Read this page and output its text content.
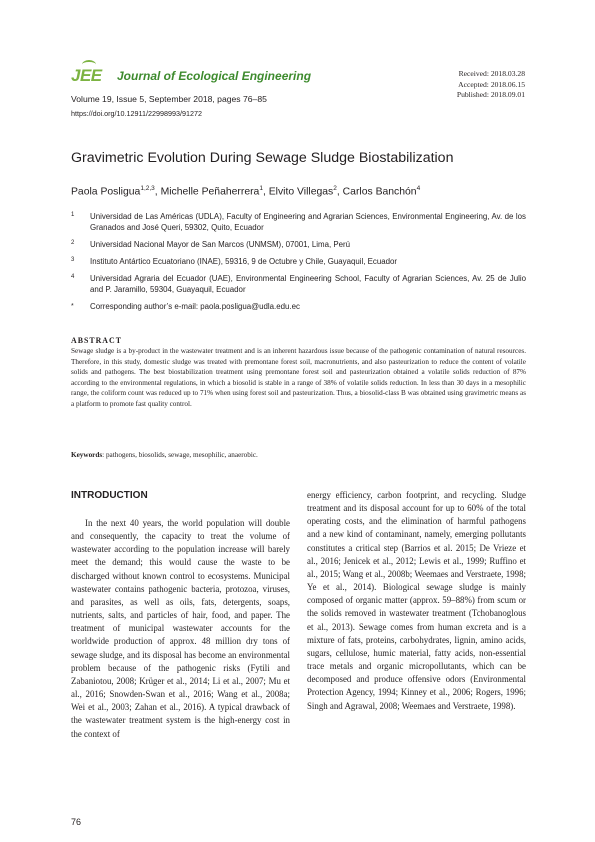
JEE Journal of Ecological Engineering
Volume 19, Issue 5, September 2018, pages 76–85
https://doi.org/10.12911/22998993/91272
Received: 2018.03.28
Accepted: 2018.06.15
Published: 2018.09.01
Gravimetric Evolution During Sewage Sludge Biostabilization
Paola Posligua$^{1,2,3}$, Michelle Peñaherrera$^1$, Elvito Villegas$^2$, Carlos Banchón$^4$
1 Universidad de Las Américas (UDLA), Faculty of Engineering and Agrarian Sciences, Environmental Engineering, Av. de los Granados and José Queri, 59302, Quito, Ecuador
2 Universidad Nacional Mayor de San Marcos (UNMSM), 07001, Lima, Perú
3 Instituto Antártico Ecuatoriano (INAE), 59316, 9 de Octubre y Chile, Guayaquil, Ecuador
4 Universidad Agraria del Ecuador (UAE), Environmental Engineering School, Faculty of Agrarian Sciences, Av. 25 de Julio and P. Jaramillo, 59304, Guayaquil, Ecuador
* Corresponding author’s e-mail: paola.posligua@udla.edu.ec
ABSTRACT
Sewage sludge is a by-product in the wastewater treatment and is an inherent hazardous issue because of the pathogenic contamination of natural resources. Therefore, in this study, domestic sludge was treated with premontane forest soil, macronutrients, and also pasteurization to reduce the content of volatile solids and pathogens. The best biostabilization treatment using premontane forest soil and pasteurization obtained a volatile solids reduction of 87% according to the environmental regulations, in which a biosolid is stable in a range of 38% of volatile solids reduction. In less than 30 days in a mesophilic range, the coliform count was reduced up to 71% when using forest soil and pasteurization. Thus, a biosolid-class B was obtained using gravimetric means as a platform to promote fast quality control.
Keywords: pathogens, biosolids, sewage, mesophilic, anaerobic.
INTRODUCTION
In the next 40 years, the world population will double and consequently, the capacity to treat the volume of wastewater according to the population increase will barely meet the demand; this would cause the waste to be discharged without known control to ecosystems. Municipal wastewater contains pathogenic bacteria, protozoa, viruses, and parasites, as well as oils, fats, detergents, soaps, nutrients, salts, and particles of hair, food, and paper. The treatment of municipal wastewater accounts for the worldwide production of approx. 48 million dry tons of sewage sludge, and its disposal has become an environmental problem because of the pathogenic risks (Fytili and Zabaniotou, 2008; Krüger et al., 2014; Li et al., 2007; Mu et al., 2016; Snowden-Swan et al., 2016; Wang et al., 2008a; Wei et al., 2003; Zahan et al., 2016). A typical drawback of the wastewater treatment system is the high-energy cost in the context of
energy efficiency, carbon footprint, and recycling. Sludge treatment and its disposal account for up to 60% of the total operating costs, and the elimination of harmful pathogens and a new kind of contaminant, namely, emerging pollutants constitutes a critical step (Barrios et al. 2015; De Vrieze et al., 2016; Jenicek et al., 2012; Lewis et al., 1999; Ruffino et al., 2015; Wang et al., 2008b; Weemaes and Verstraete, 1998; Ye et al., 2014). Biological sewage sludge is mainly composed of organic matter (approx. 59–88%) from scum or the solids removed in wastewater treatment (Tchobanoglous et al., 2013). Sewage comes from human excreta and is a mixture of fats, proteins, carbohydrates, lignin, amino acids, sugars, cellulose, humic material, fatty acids, non-essential trace metals and organic micropollutants, which can be decomposed and produce offensive odors (Environmental Protection Agency, 1994; Kinney et al., 2006; Rogers, 1996; Singh and Agrawal, 2008; Weemaes and Verstraete, 1998).
76
